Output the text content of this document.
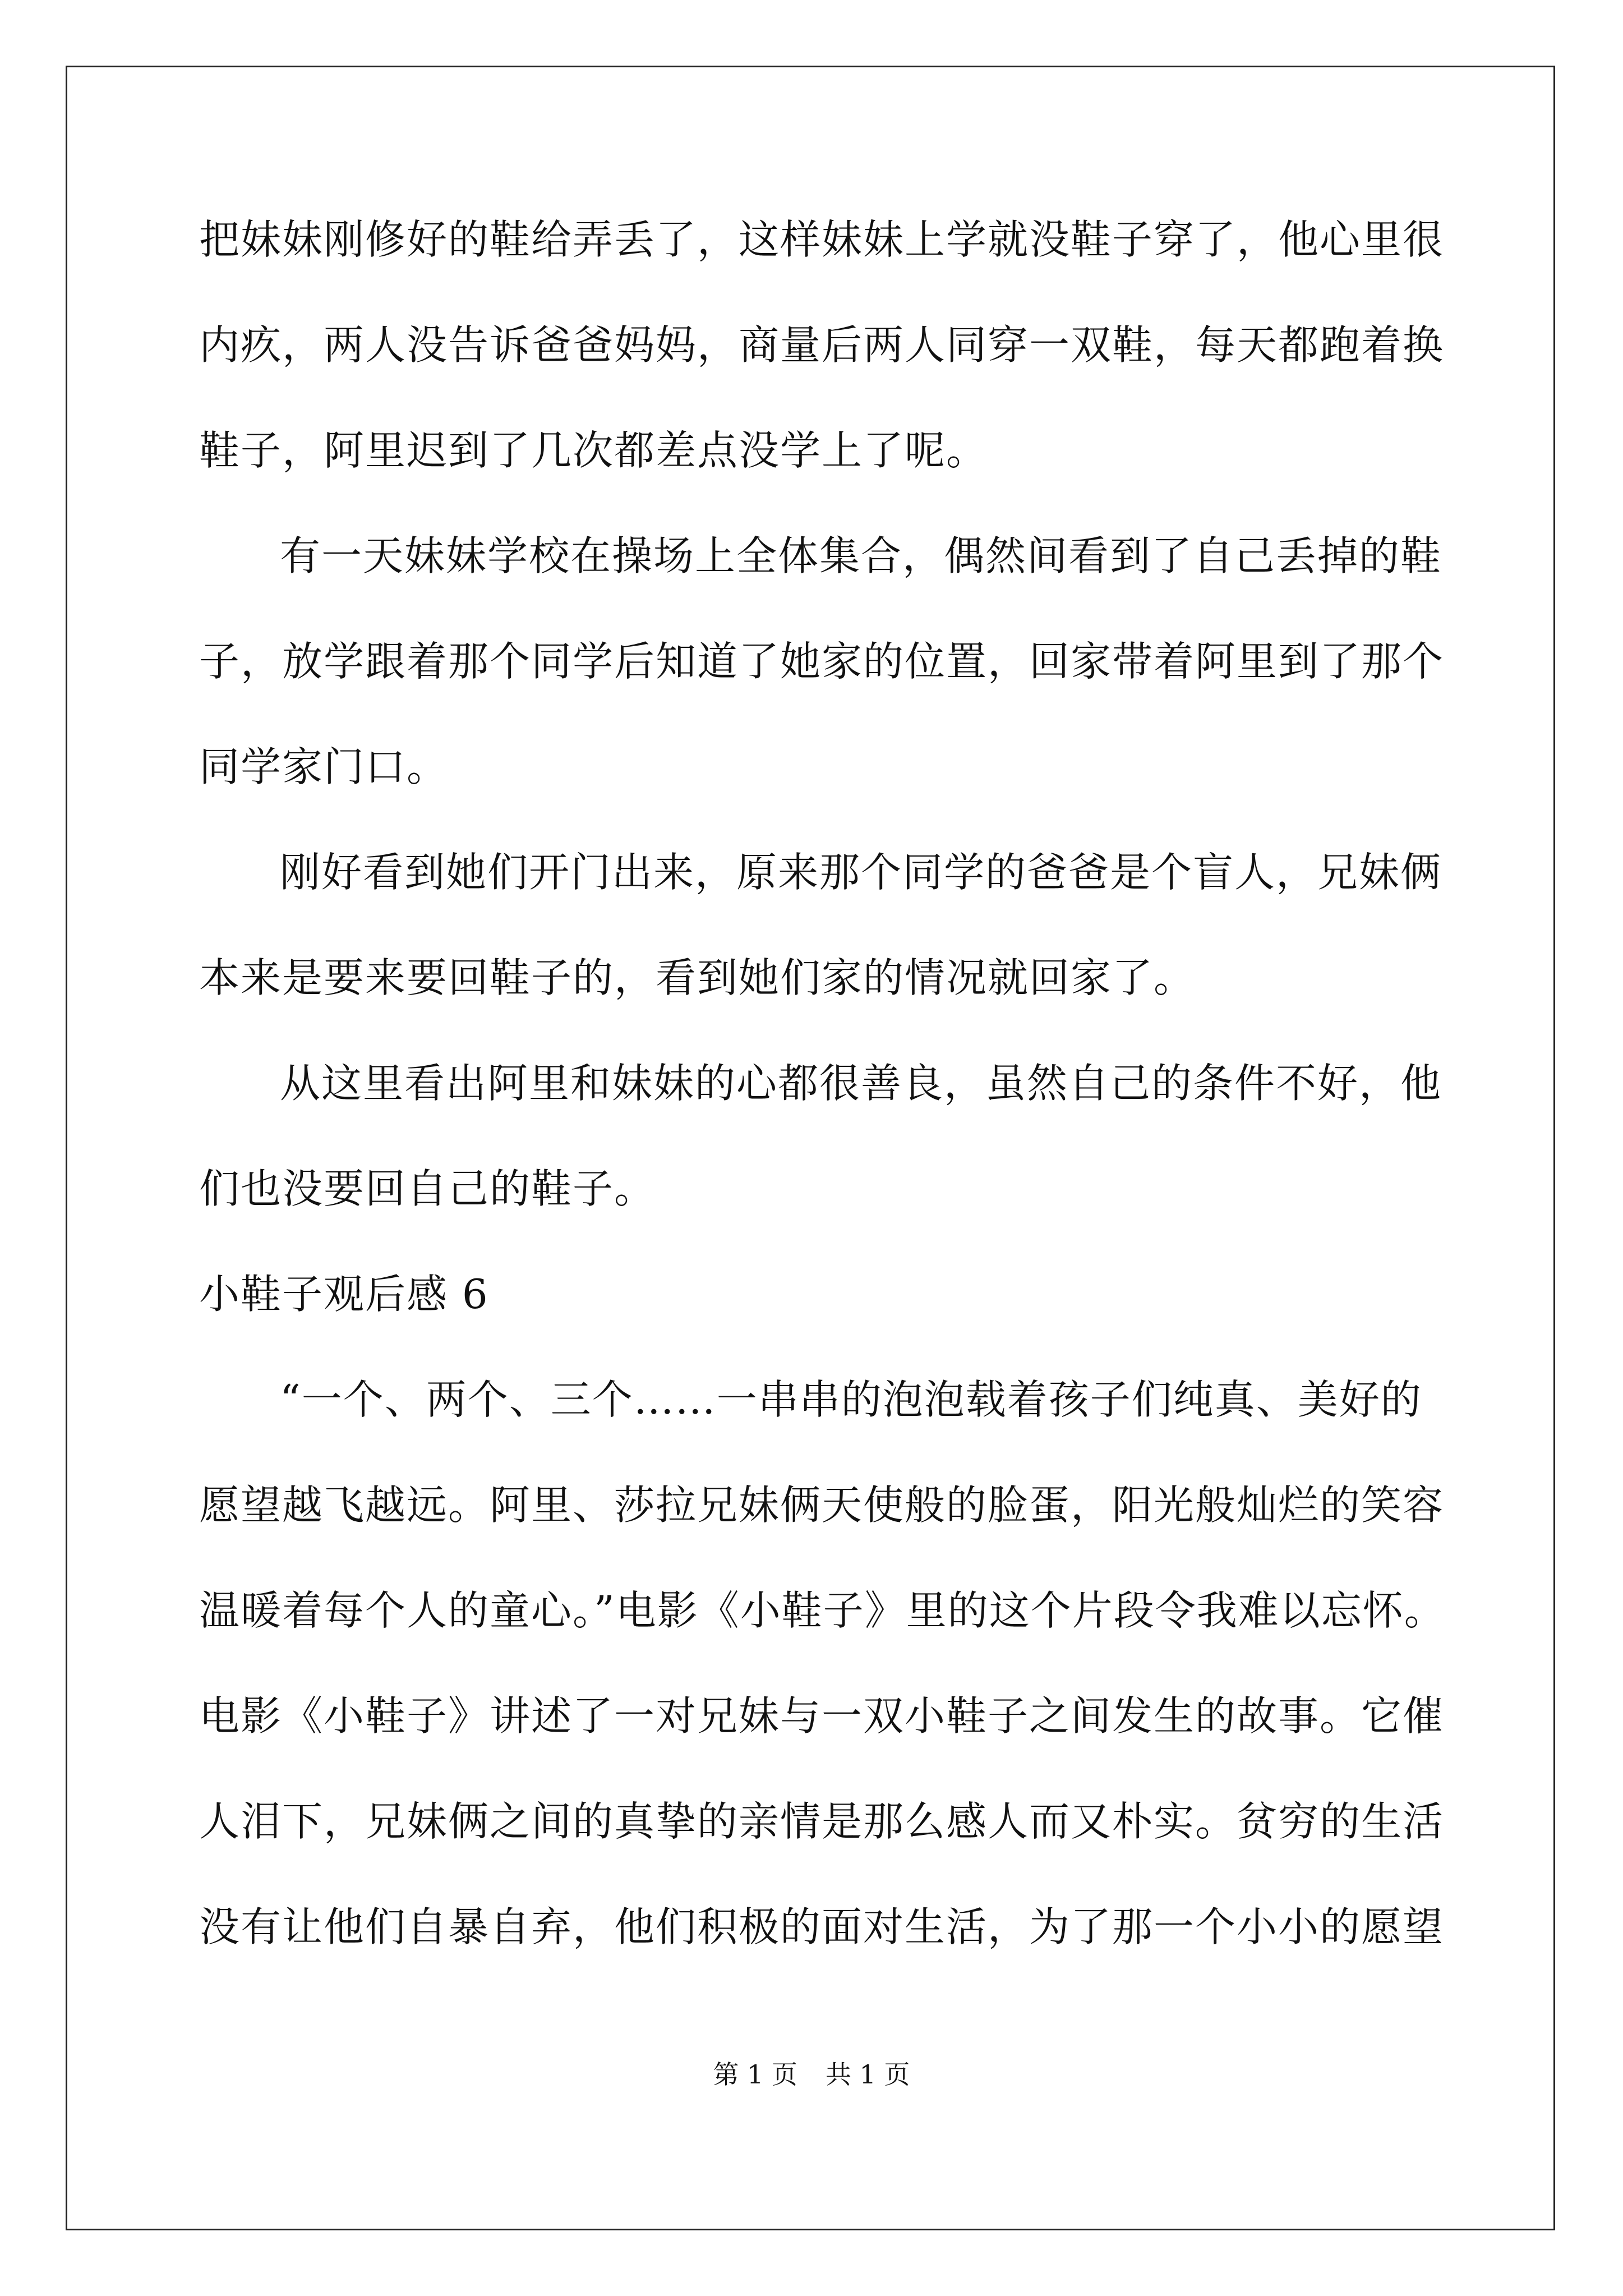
把妹妹刚修好的鞋给弄丢了，这样妹妹上学就没鞋子穿了，他心里很
内疚，两人没告诉爸爸妈妈，商量后两人同穿一双鞋，每天都跑着换
鞋子，阿里迟到了几次都差点没学上了呢。
有一天妹妹学校在操场上全体集合，偶然间看到了自己丢掉的鞋
子，放学跟着那个同学后知道了她家的位置，回家带着阿里到了那个
同学家门口。
刚好看到她们开门出来，原来那个同学的爸爸是个盲人，兄妹俩
本来是要来要回鞋子的，看到她们家的情况就回家了。
从这里看出阿里和妹妹的心都很善良，虽然自己的条件不好，他
们也没要回自己的鞋子。
小鞋子观后感 6
“一个、两个、三个……一串串的泡泡载着孩子们纯真、美好的
愿望越飞越远。阿里、莎拉兄妹俩天使般的脸蛋，阳光般灿烂的笑容
温暖着每个人的童心。”电影《小鞋子》里的这个片段令我难以忘怀。
电影《小鞋子》讲述了一对兄妹与一双小鞋子之间发生的故事。它催
人泪下，兄妹俩之间的真挚的亲情是那么感人而又朴实。贫穷的生活
没有让他们自暴自弃，他们积极的面对生活，为了那一个小小的愿望
第 1 页 共 1 页
